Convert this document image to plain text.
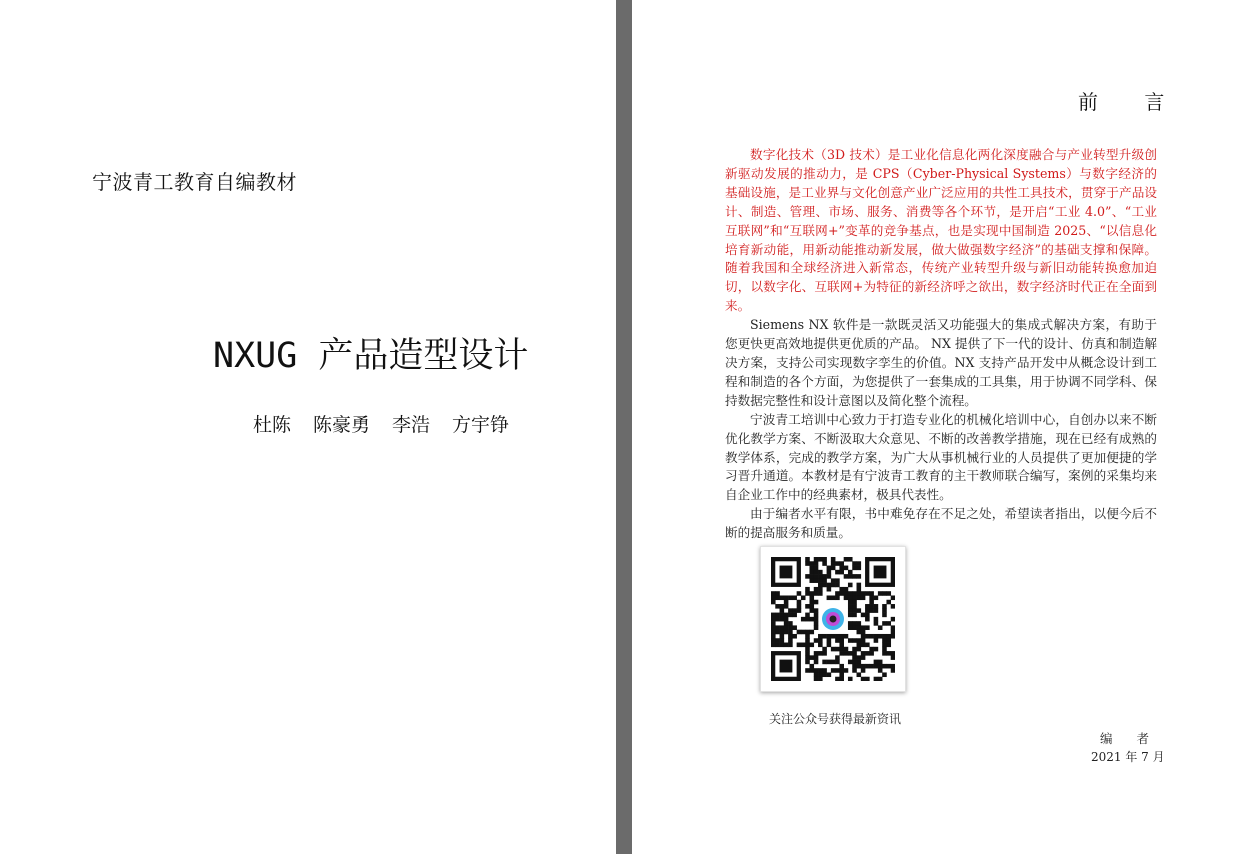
宁波青工教育自编教材
NXUG 产品造型设计
杜陈 陈豪勇 李浩 方宇铮
前 言

数字化技术（3D 技术）是工业化信息化两化深度融合与产业转型升级创新驱动发展的推动力，是 CPS（Cyber-Physical Systems）与数字经济的基础设施，是工业界与文化创意产业广泛应用的共性工具技术，贯穿于产品设计、制造、管理、市场、服务、消费等各个环节，是开启“工业 4.0”、“工业互联网”和“互联网+”变革的竞争基点，也是实现中国制造 2025、“以信息化培育新动能，用新动能推动新发展，做大做强数字经济”的基础支撑和保障。随着我国和全球经济进入新常态，传统产业转型升级与新旧动能转换愈加迫切，以数字化、互联网+为特征的新经济呼之欲出，数字经济时代正在全面到来。

Siemens NX 软件是一款既灵活又功能强大的集成式解决方案，有助于您更快更高效地提供更优质的产品。 NX 提供了下一代的设计、仿真和制造解决方案，支持公司实现数字孪生的价值。NX 支持产品开发中从概念设计到工程和制造的各个方面，为您提供了一套集成的工具集，用于协调不同学科、保持数据完整性和设计意图以及简化整个流程。

宁波青工培训中心致力于打造专业化的机械化培训中心，自创办以来不断优化教学方案、不断汲取大众意见、不断的改善教学措施，现在已经有成熟的教学体系，完成的教学方案，为广大从事机械行业的人员提供了更加便捷的学习晋升通道。本教材是有宁波青工教育的主干教师联合编写，案例的采集均来自企业工作中的经典素材，极具代表性。

由于编者水平有限，书中难免存在不足之处，希望读者指出，以便今后不断的提高服务和质量。

关注公众号获得最新资讯
编 者
2021 年 7 月
